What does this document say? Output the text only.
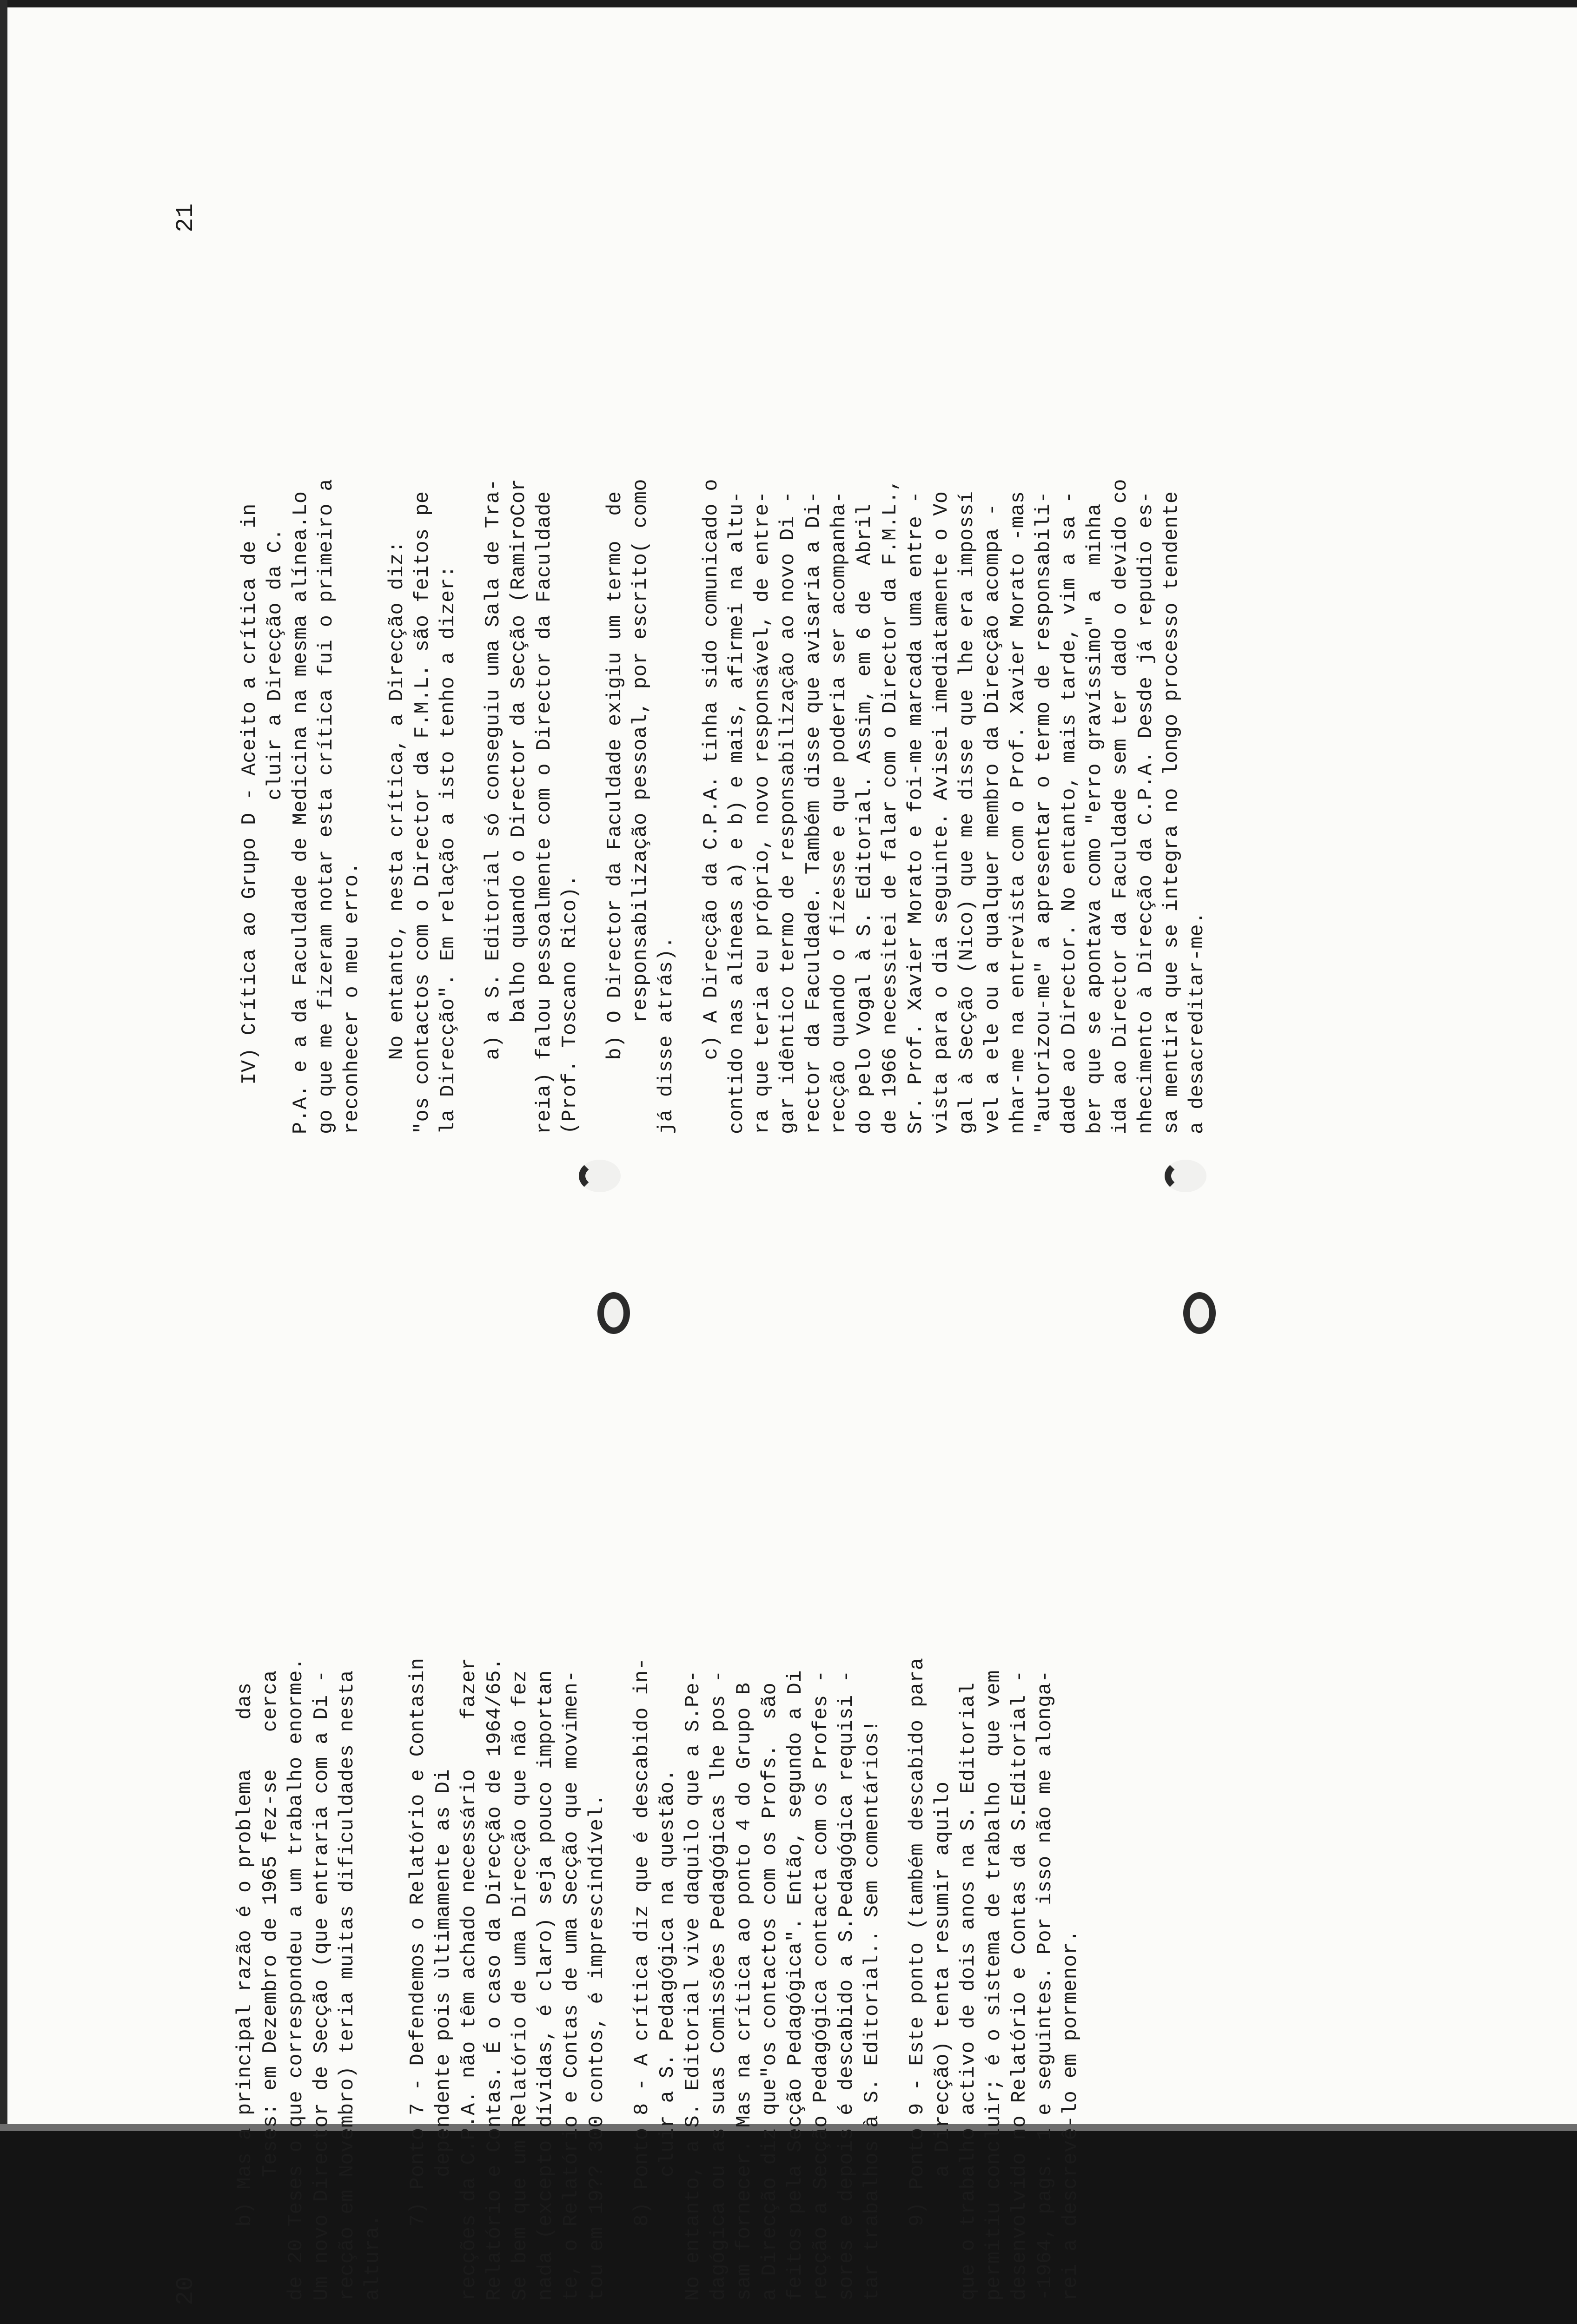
20 b) Mas a principal razão é o problema    das Teses: em Dezembro de 1965 fez-se   cerca de 20 Teses o que correspondeu a um trabalho enorme. Um novo Director de Secção (que entraria com a Di - recção em Novembro) teria muitas dificuldades nesta altura. 7) Ponto 7 - Defendemos o Relatório e Contasin dependente pois ùltimamente as Di recções da C.P.A. não têm achado necessário    fazer Relatório e Contas. É o caso da Direcção de 1964/65. Se bem que um Relatório de uma Direcção que não fez nada (excepto dívidas, é claro) seja pouco importan te, o Relatório e Contas de uma Secção que movimen- tou em 19?? 300 contos, é imprescindível. 8) Ponto 8 - A crítica diz que é descabido in- cluir a S. Pedagógica na questão. No entanto, a S. Editorial vive daquilo que a S.Pe- dagógica ou as suas Comissões Pedagógicas lhe pos - sam fornecer. Mas na crítica ao ponto 4 do Grupo B a Direcção diz que"os contactos com os Profs.  são feitos pela Secção Pedagógica". Então, segundo a Di recção a Secção Pedagógica contacta com os Profes - sores e depois é descabido a S.Pedagógica requisi - tar trabalhos à S. Editorial.. Sem comentários! 9) Ponto 9 - Este ponto (também descabido para a Direcção) tenta resumir aquilo que o trabalho activo de dois anos na S. Editorial permitiu concluir; é o sistema de trabalho  que vem desenvolvido no Relatório e Contas da S.Editorial - -1964, pags. 1 e seguintes. Por isso não me alonga- rei a descrevê-lo em pormenor.
21
IV) Crítica ao Grupo D - Aceito a crítica de in cluir a Direcção da C. P.A. e a da Faculdade de Medicina na mesma alínea.Lo go que me fizeram notar esta crítica fui o primeiro a reconhecer o meu erro. No entanto, nesta crítica, a Direcção diz: "os contactos com o Director da F.M.L. são feitos pe la Direcção". Em relação a isto tenho a dizer: a) a S. Editorial só conseguiu uma Sala de Tra- balho quando o Director da Secção (RamiroCor reia) falou pessoalmente com o Director da Faculdade (Prof. Toscano Rico). b) O Director da Faculdade exigiu um termo  de responsabilização pessoal, por escrito( como já disse atrás). c) A Direcção da C.P.A. tinha sido comunicado o contido nas alíneas a) e b) e mais, afirmei na altu- ra que teria eu próprio, novo responsável, de entre- gar idêntico termo de responsabilização ao novo Di - rector da Faculdade. Também disse que avisaria a Di- recção quando o fizesse e que poderia ser acompanha- do pelo Vogal à S. Editorial. Assim, em 6 de  Abril de 1966 necessitei de falar com o Director da F.M.L., Sr. Prof. Xavier Morato e foi-me marcada uma entre - vista para o dia seguinte. Avisei imediatamente o Vo gal à Secção (Nico) que me disse que lhe era impossí vel a ele ou a qualquer membro da Direcção acompa - nhar-me na entrevista com o Prof. Xavier Morato -mas "autorizou-me" a apresentar o termo de responsabili- dade ao Director. No entanto, mais tarde, vim a sa - ber que se apontava como "erro gravíssimo" a  minha ida ao Director da Faculdade sem ter dado o devido co nhecimento à Direcção da C.P.A. Desde já repudio es- sa mentira que se integra no longo processo tendente a desacreditar-me.
